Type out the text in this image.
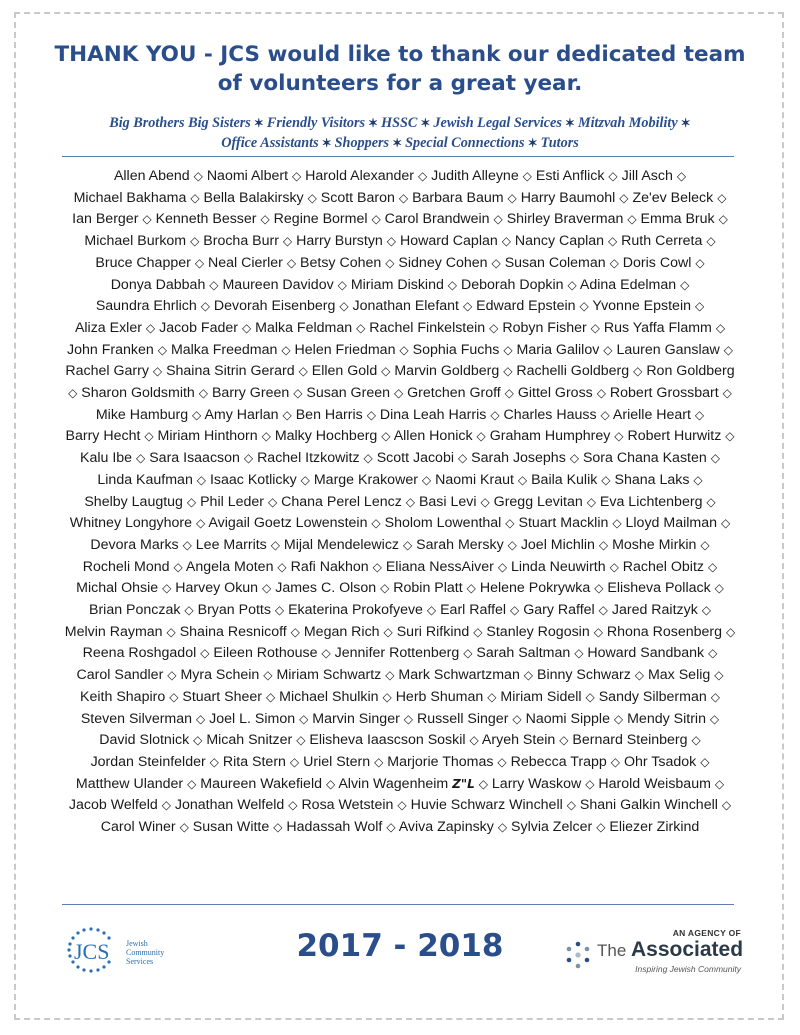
THANK YOU - JCS would like to thank our dedicated team
of volunteers for a great year.
Big Brothers Big Sisters ✶ Friendly Visitors ✶ HSSC ✶ Jewish Legal Services ✶ Mitzvah Mobility ✶
Office Assistants ✶ Shoppers ✶ Special Connections ✶ Tutors
Allen Abend ◇ Naomi Albert ◇ Harold Alexander ◇ Judith Alleyne ◇ Esti Anflick ◇ Jill Asch ◇ Michael Bakhama ◇ Bella Balakirsky ◇ Scott Baron ◇ Barbara Baum ◇ Harry Baumohl ◇ Ze'ev Beleck ◇ Ian Berger ◇ Kenneth Besser ◇ Regine Bormel ◇ Carol Brandwein ◇ Shirley Braverman ◇ Emma Bruk ◇ Michael Burkom ◇ Brocha Burr ◇ Harry Burstyn ◇ Howard Caplan ◇ Nancy Caplan ◇ Ruth Cerreta ◇ Bruce Chapper ◇ Neal Cierler ◇ Betsy Cohen ◇ Sidney Cohen ◇ Susan Coleman ◇ Doris Cowl ◇ Donya Dabbah ◇ Maureen Davidov ◇ Miriam Diskind ◇ Deborah Dopkin ◇ Adina Edelman ◇ Saundra Ehrlich ◇ Devorah Eisenberg ◇ Jonathan Elefant ◇ Edward Epstein ◇ Yvonne Epstein ◇ Aliza Exler ◇ Jacob Fader ◇ Malka Feldman ◇ Rachel Finkelstein ◇ Robyn Fisher ◇ Rus Yaffa Flamm ◇ John Franken ◇ Malka Freedman ◇ Helen Friedman ◇ Sophia Fuchs ◇ Maria Galilov ◇ Lauren Ganslaw ◇ Rachel Garry ◇ Shaina Sitrin Gerard ◇ Ellen Gold ◇ Marvin Goldberg ◇ Rachelli Goldberg ◇ Ron Goldberg ◇ Sharon Goldsmith ◇ Barry Green ◇ Susan Green ◇ Gretchen Groff ◇ Gittel Gross ◇ Robert Grossbart ◇ Mike Hamburg ◇ Amy Harlan ◇ Ben Harris ◇ Dina Leah Harris ◇ Charles Hauss ◇ Arielle Heart ◇ Barry Hecht ◇ Miriam Hinthorn ◇ Malky Hochberg ◇ Allen Honick ◇ Graham Humphrey ◇ Robert Hurwitz ◇ Kalu Ibe ◇ Sara Isaacson ◇ Rachel Itzkowitz ◇ Scott Jacobi ◇ Sarah Josephs ◇ Sora Chana Kasten ◇ Linda Kaufman ◇ Isaac Kotlicky ◇ Marge Krakower ◇ Naomi Kraut ◇ Baila Kulik ◇ Shana Laks ◇ Shelby Laugtug ◇ Phil Leder ◇ Chana Perel Lencz ◇ Basi Levi ◇ Gregg Levitan ◇ Eva Lichtenberg ◇ Whitney Longyhore ◇ Avigail Goetz Lowenstein ◇ Sholom Lowenthal ◇ Stuart Macklin ◇ Lloyd Mailman ◇ Devora Marks ◇ Lee Marrits ◇ Mijal Mendelewicz ◇ Sarah Mersky ◇ Joel Michlin ◇ Moshe Mirkin ◇ Rocheli Mond ◇ Angela Moten ◇ Rafi Nakhon ◇ Eliana NessAiver ◇ Linda Neuwirth ◇ Rachel Obitz ◇ Michal Ohsie ◇ Harvey Okun ◇ James C. Olson ◇ Robin Platt ◇ Helene Pokrywka ◇ Elisheva Pollack ◇ Brian Ponczak ◇ Bryan Potts ◇ Ekaterina Prokofyeve ◇ Earl Raffel ◇ Gary Raffel ◇ Jared Raitzyk ◇ Melvin Rayman ◇ Shaina Resnicoff ◇ Megan Rich ◇ Suri Rifkind ◇ Stanley Rogosin ◇ Rhona Rosenberg ◇ Reena Roshgadol ◇ Eileen Rothouse ◇ Jennifer Rottenberg ◇ Sarah Saltman ◇ Howard Sandbank ◇ Carol Sandler ◇ Myra Schein ◇ Miriam Schwartz ◇ Mark Schwartzman ◇ Binny Schwarz ◇ Max Selig ◇ Keith Shapiro ◇ Stuart Sheer ◇ Michael Shulkin ◇ Herb Shuman ◇ Miriam Sidell ◇ Sandy Silberman ◇ Steven Silverman ◇ Joel L. Simon ◇ Marvin Singer ◇ Russell Singer ◇ Naomi Sipple ◇ Mendy Sitrin ◇ David Slotnick ◇ Micah Snitzer ◇ Elisheva Iaascson Soskil ◇ Aryeh Stein ◇ Bernard Steinberg ◇ Jordan Steinfelder ◇ Rita Stern ◇ Uriel Stern ◇ Marjorie Thomas ◇ Rebecca Trapp ◇ Ohr Tsadok ◇ Matthew Ulander ◇ Maureen Wakefield ◇ Alvin Wagenheim Z"L ◇ Larry Waskow ◇ Harold Weisbaum ◇ Jacob Welfeld ◇ Jonathan Welfeld ◇ Rosa Wetstein ◇ Huvie Schwarz Winchell ◇ Shani Galkin Winchell ◇ Carol Winer ◇ Susan Witte ◇ Hadassah Wolf ◇ Aviva Zapinsky ◇ Sylvia Zelcer ◇ Eliezer Zirkind
JCS Jewish
Community
Services	2017 - 2018	AN AGENCY OF
The Associated
Inspiring Jewish Community
